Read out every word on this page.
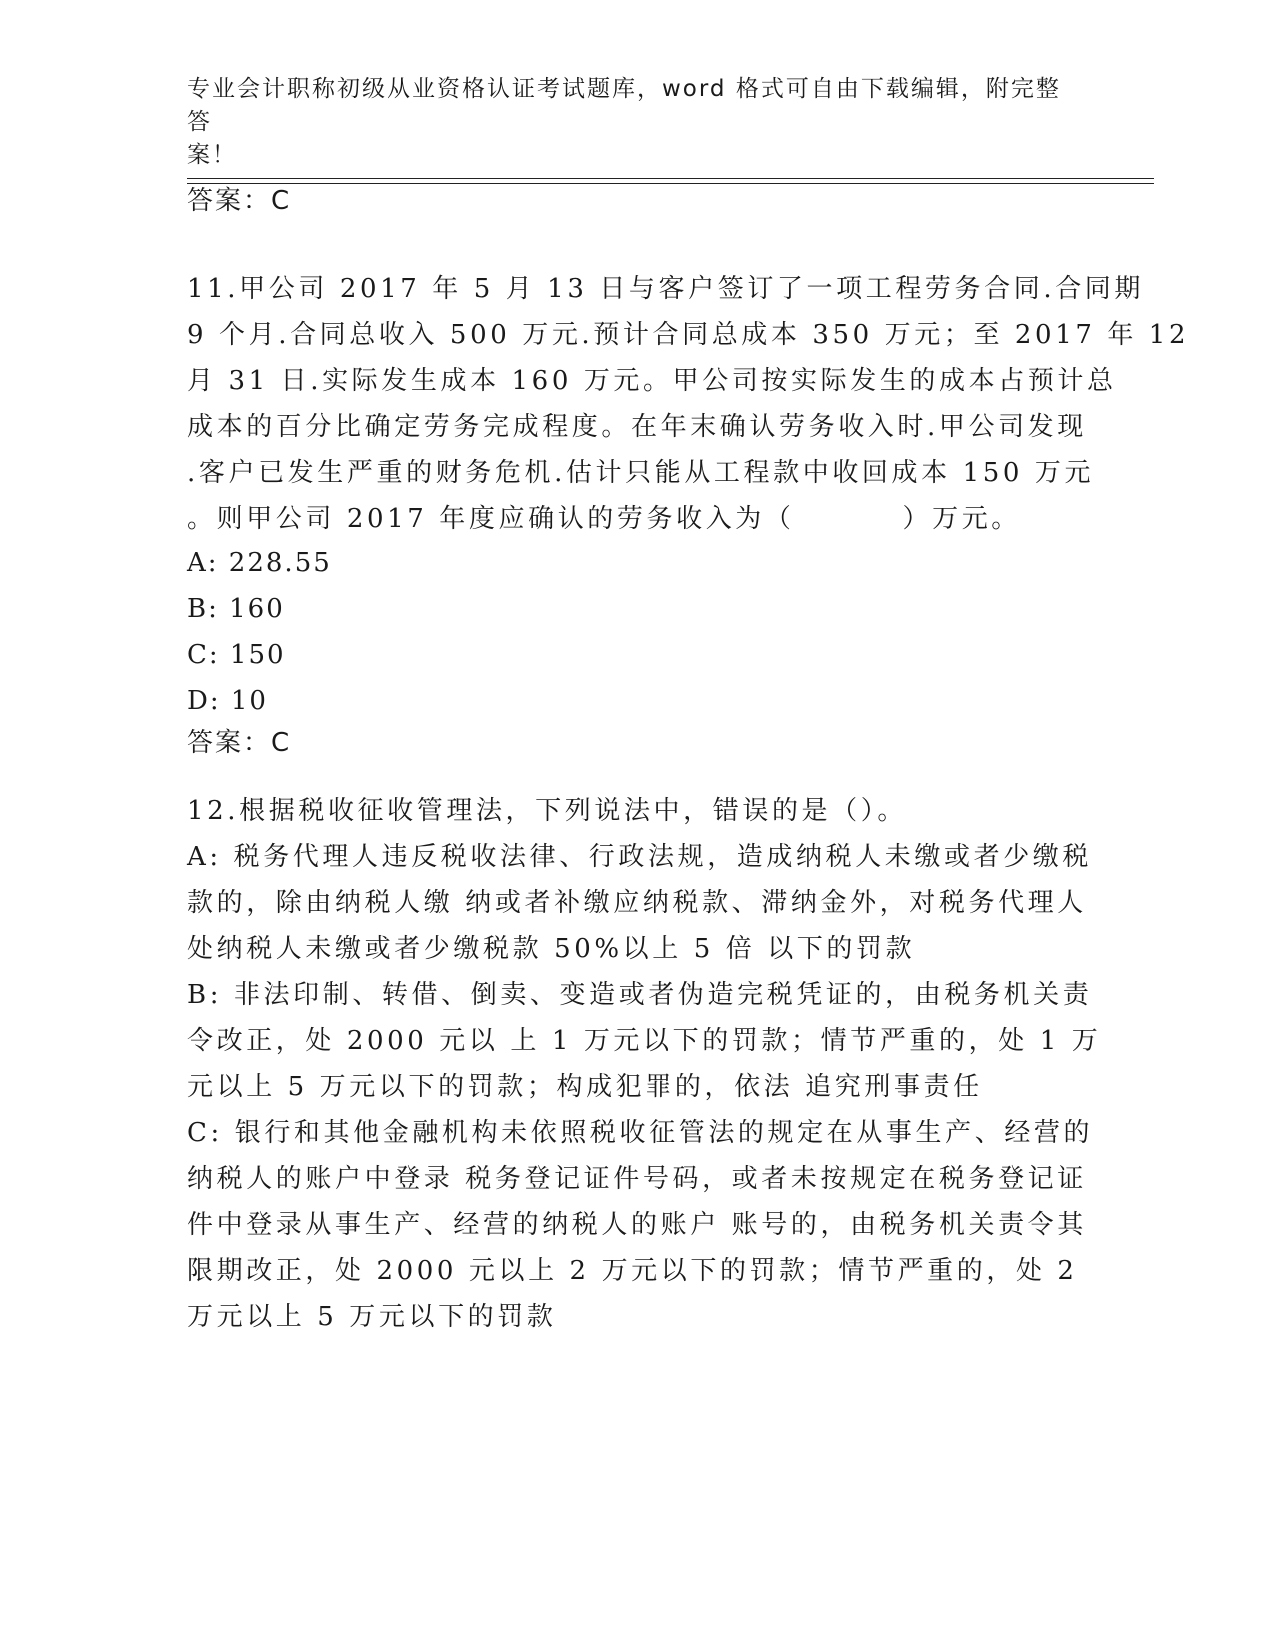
专业会计职称初级从业资格认证考试题库，word 格式可自由下载编辑，附完整答
案！
答案：C
11.甲公司 2017 年 5 月 13 日与客户签订了一项工程劳务合同.合同期
9 个月.合同总收入 500 万元.预计合同总成本 350 万元；至 2017 年 12
月 31 日.实际发生成本 160 万元。甲公司按实际发生的成本占预计总
成本的百分比确定劳务完成程度。在年末确认劳务收入时.甲公司发现
.客户已发生严重的财务危机.估计只能从工程款中收回成本 150 万元
。则甲公司 2017 年度应确认的劳务收入为（	）万元。
A: 228.55
B: 160
C: 150
D: 10
答案：C
12.根据税收征收管理法，下列说法中，错误的是（）。
A: 税务代理人违反税收法律、行政法规，造成纳税人未缴或者少缴税
款的，除由纳税人缴 纳或者补缴应纳税款、滞纳金外，对税务代理人
处纳税人未缴或者少缴税款 50%以上 5 倍 以下的罚款
B: 非法印制、转借、倒卖、变造或者伪造完税凭证的，由税务机关责
令改正，处 2000 元以 上 1 万元以下的罚款；情节严重的，处 1 万
元以上 5 万元以下的罚款；构成犯罪的，依法 追究刑事责任
C: 银行和其他金融机构未依照税收征管法的规定在从事生产、经营的
纳税人的账户中登录 税务登记证件号码，或者未按规定在税务登记证
件中登录从事生产、经营的纳税人的账户 账号的，由税务机关责令其
限期改正，处 2000 元以上 2 万元以下的罚款；情节严重的，处 2
万元以上 5 万元以下的罚款
